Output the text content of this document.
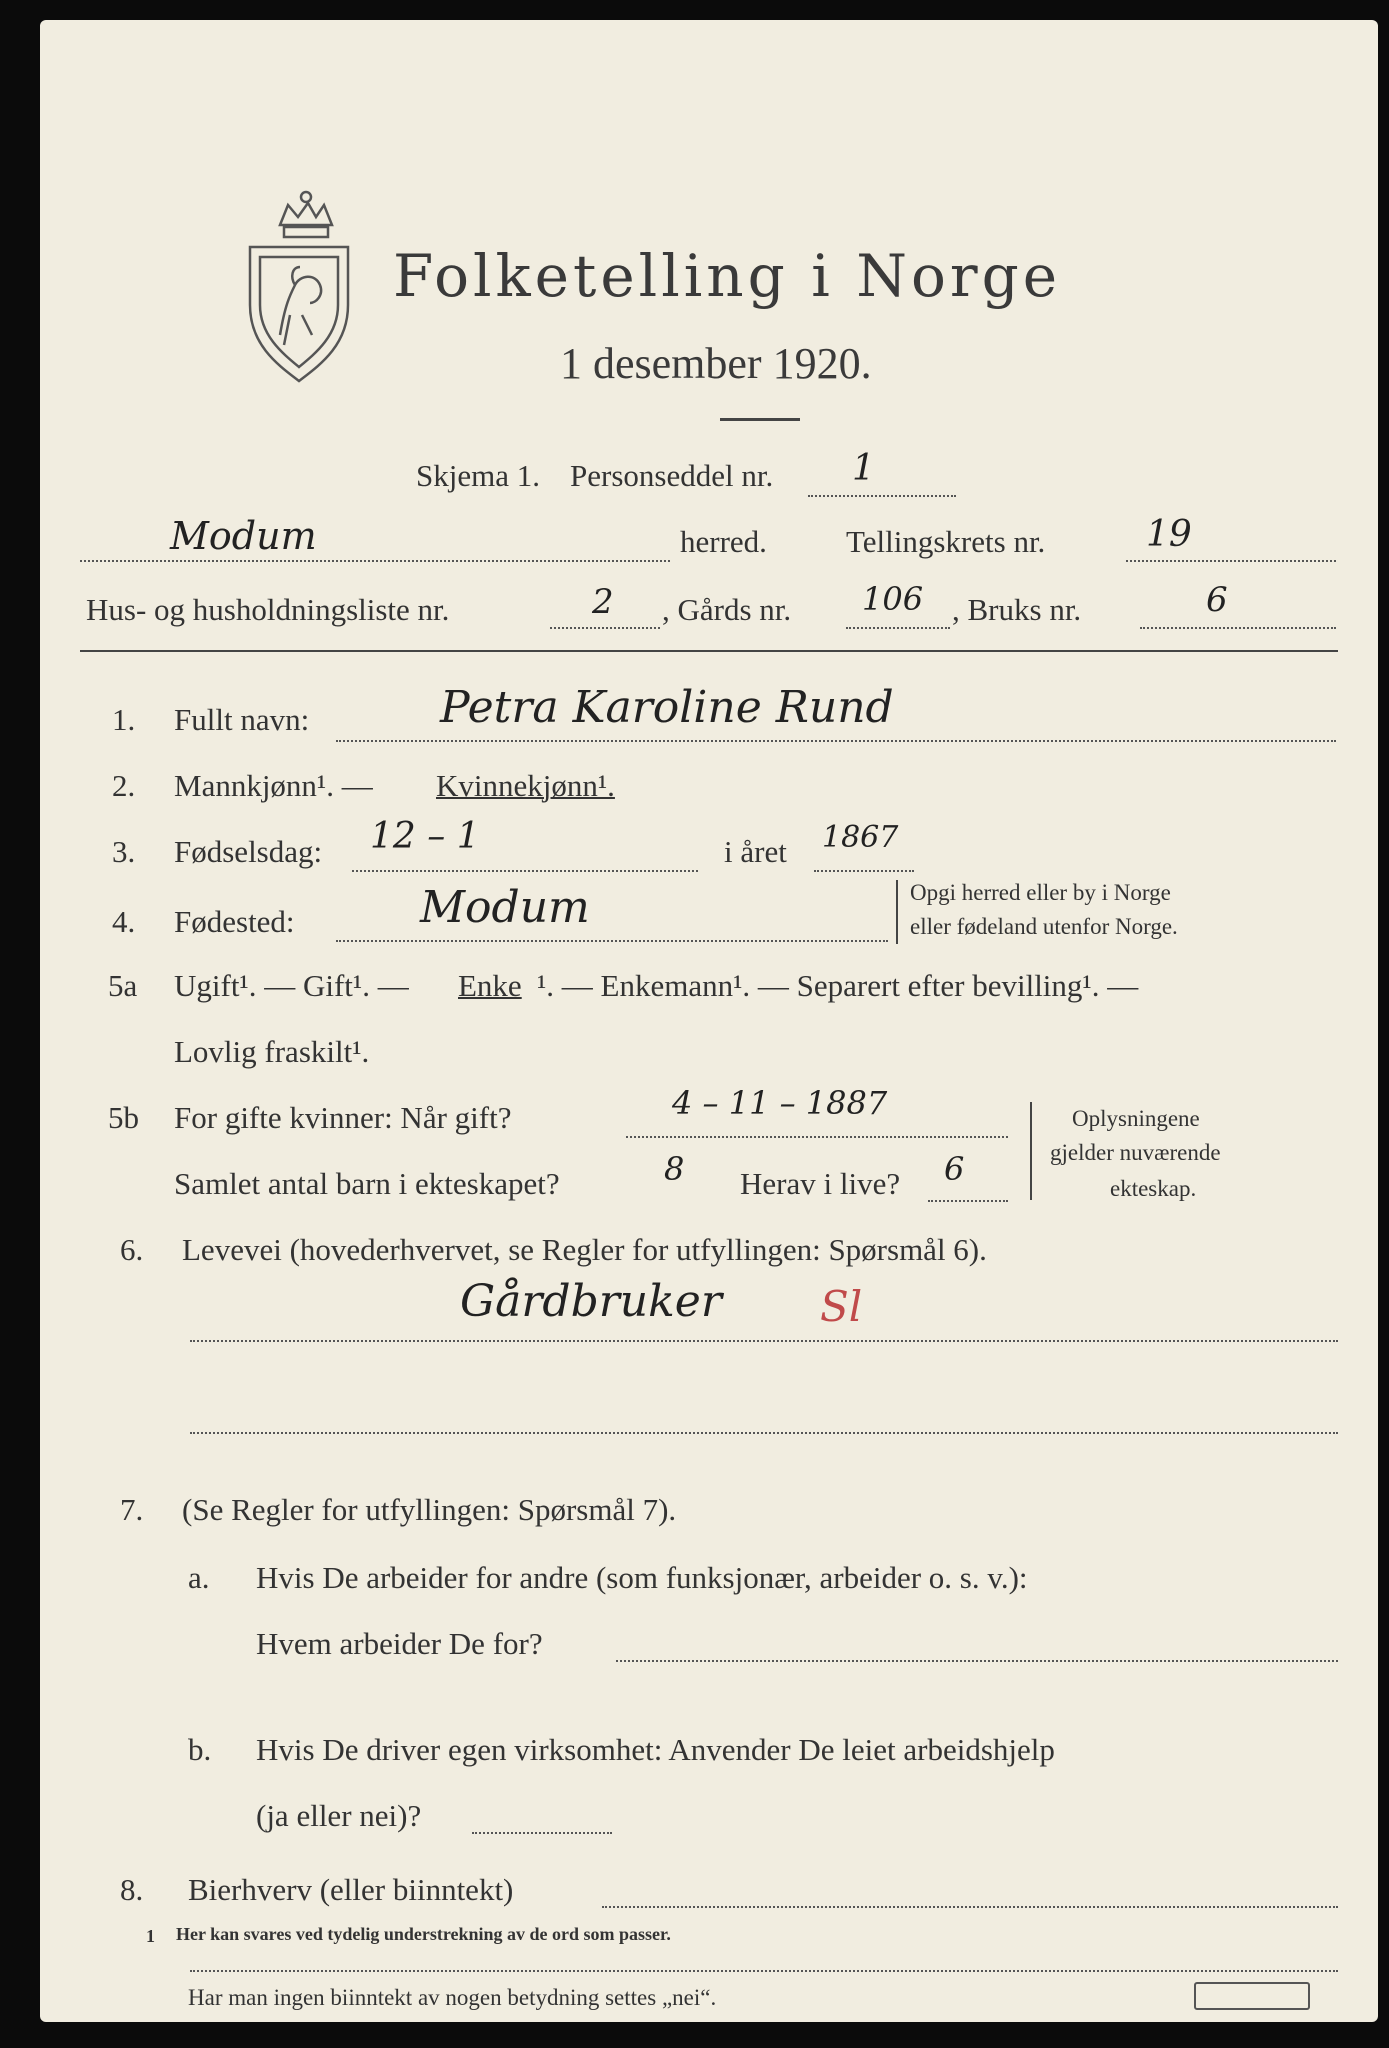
Folketelling i Norge
1 desember 1920.
Skjema 1. Personseddel nr. 1
Modum	herred.	Tellingskrets nr.	19
Hus- og husholdningsliste nr.	2 , Gårds nr. 106 , Bruks nr.	6
1. Fullt navn:	Petra Karoline Rund
2. Mannkjønn¹. — Kvinnekjønn¹.
3. Fødselsdag: 12 – 1	i året 1867
4. Fødested:	Modum	Opgi herred eller by i Norge
eller fødeland utenfor Norge.
5a Ugift¹. — Gift¹. — Enke ¹. — Enkemann¹. — Separert efter bevilling¹. —
Lovlig fraskilt¹.
5b For gifte kvinner: Når gift?	4 – 11 – 1887
Samlet antal barn i ekteskapet?	8 Herav i live? 6
Oplysningene
gjelder nuværende
ekteskap.
6. Levevei (hovederhvervet, se Regler for utfyllingen: Spørsmål 6).
Gårdbruker Sl
7. (Se Regler for utfyllingen: Spørsmål 7).
a. Hvis De arbeider for andre (som funksjonær, arbeider o. s. v.):
Hvem arbeider De for?
b. Hvis De driver egen virksomhet: Anvender De leiet arbeidshjelp
(ja eller nei)?
8. Bierhverv (eller biinntekt)
Har man ingen biinntekt av nogen betydning settes „nei“.
1 Her kan svares ved tydelig understrekning av de ord som passer.
